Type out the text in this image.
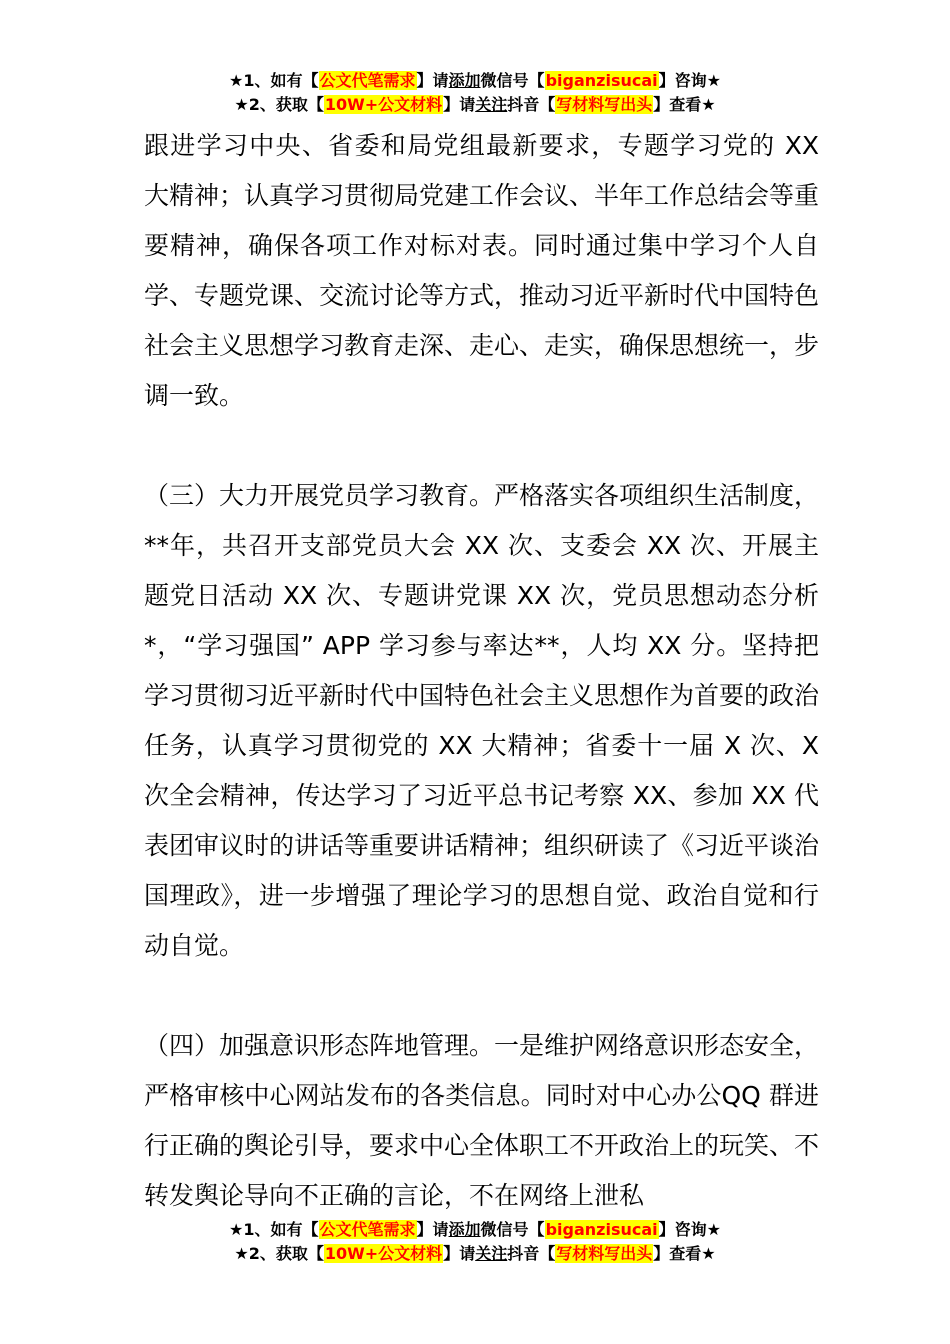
★1、如有【公文代笔需求】请添加微信号【biganzisucai】咨询★
★2、获取【10W+公文材料】请关注抖音【写材料写出头】查看★

跟进学习中央、省委和局党组最新要求，专题学习党的 XX 大精神；认真学习贯彻局党建工作会议、半年工作总结会等重要精神，确保各项工作对标对表。同时通过集中学习个人自学、专题党课、交流讨论等方式，推动习近平新时代中国特色社会主义思想学习教育走深、走心、走实，确保思想统一，步调一致。

（三）大力开展党员学习教育。严格落实各项组织生活制度，**年，共召开支部党员大会 XX 次、支委会 XX 次、开展主题党日活动 XX 次、专题讲党课 XX 次，党员思想动态分析*，“学习强国” APP 学习参与率达**，人均 XX 分。坚持把学习贯彻习近平新时代中国特色社会主义思想作为首要的政治任务，认真学习贯彻党的 XX 大精神；省委十一届 X 次、X 次全会精神，传达学习了习近平总书记考察 XX、参加 XX 代表团审议时的讲话等重要讲话精神；组织研读了《习近平谈治国理政》，进一步增强了理论学习的思想自觉、政治自觉和行动自觉。

（四）加强意识形态阵地管理。一是维护网络意识形态安全，严格审核中心网站发布的各类信息。同时对中心办公QQ 群进行正确的舆论引导，要求中心全体职工不开政治上的玩笑、不转发舆论导向不正确的言论，不在网络上泄私

★1、如有【公文代笔需求】请添加微信号【biganzisucai】咨询★
★2、获取【10W+公文材料】请关注抖音【写材料写出头】查看★
